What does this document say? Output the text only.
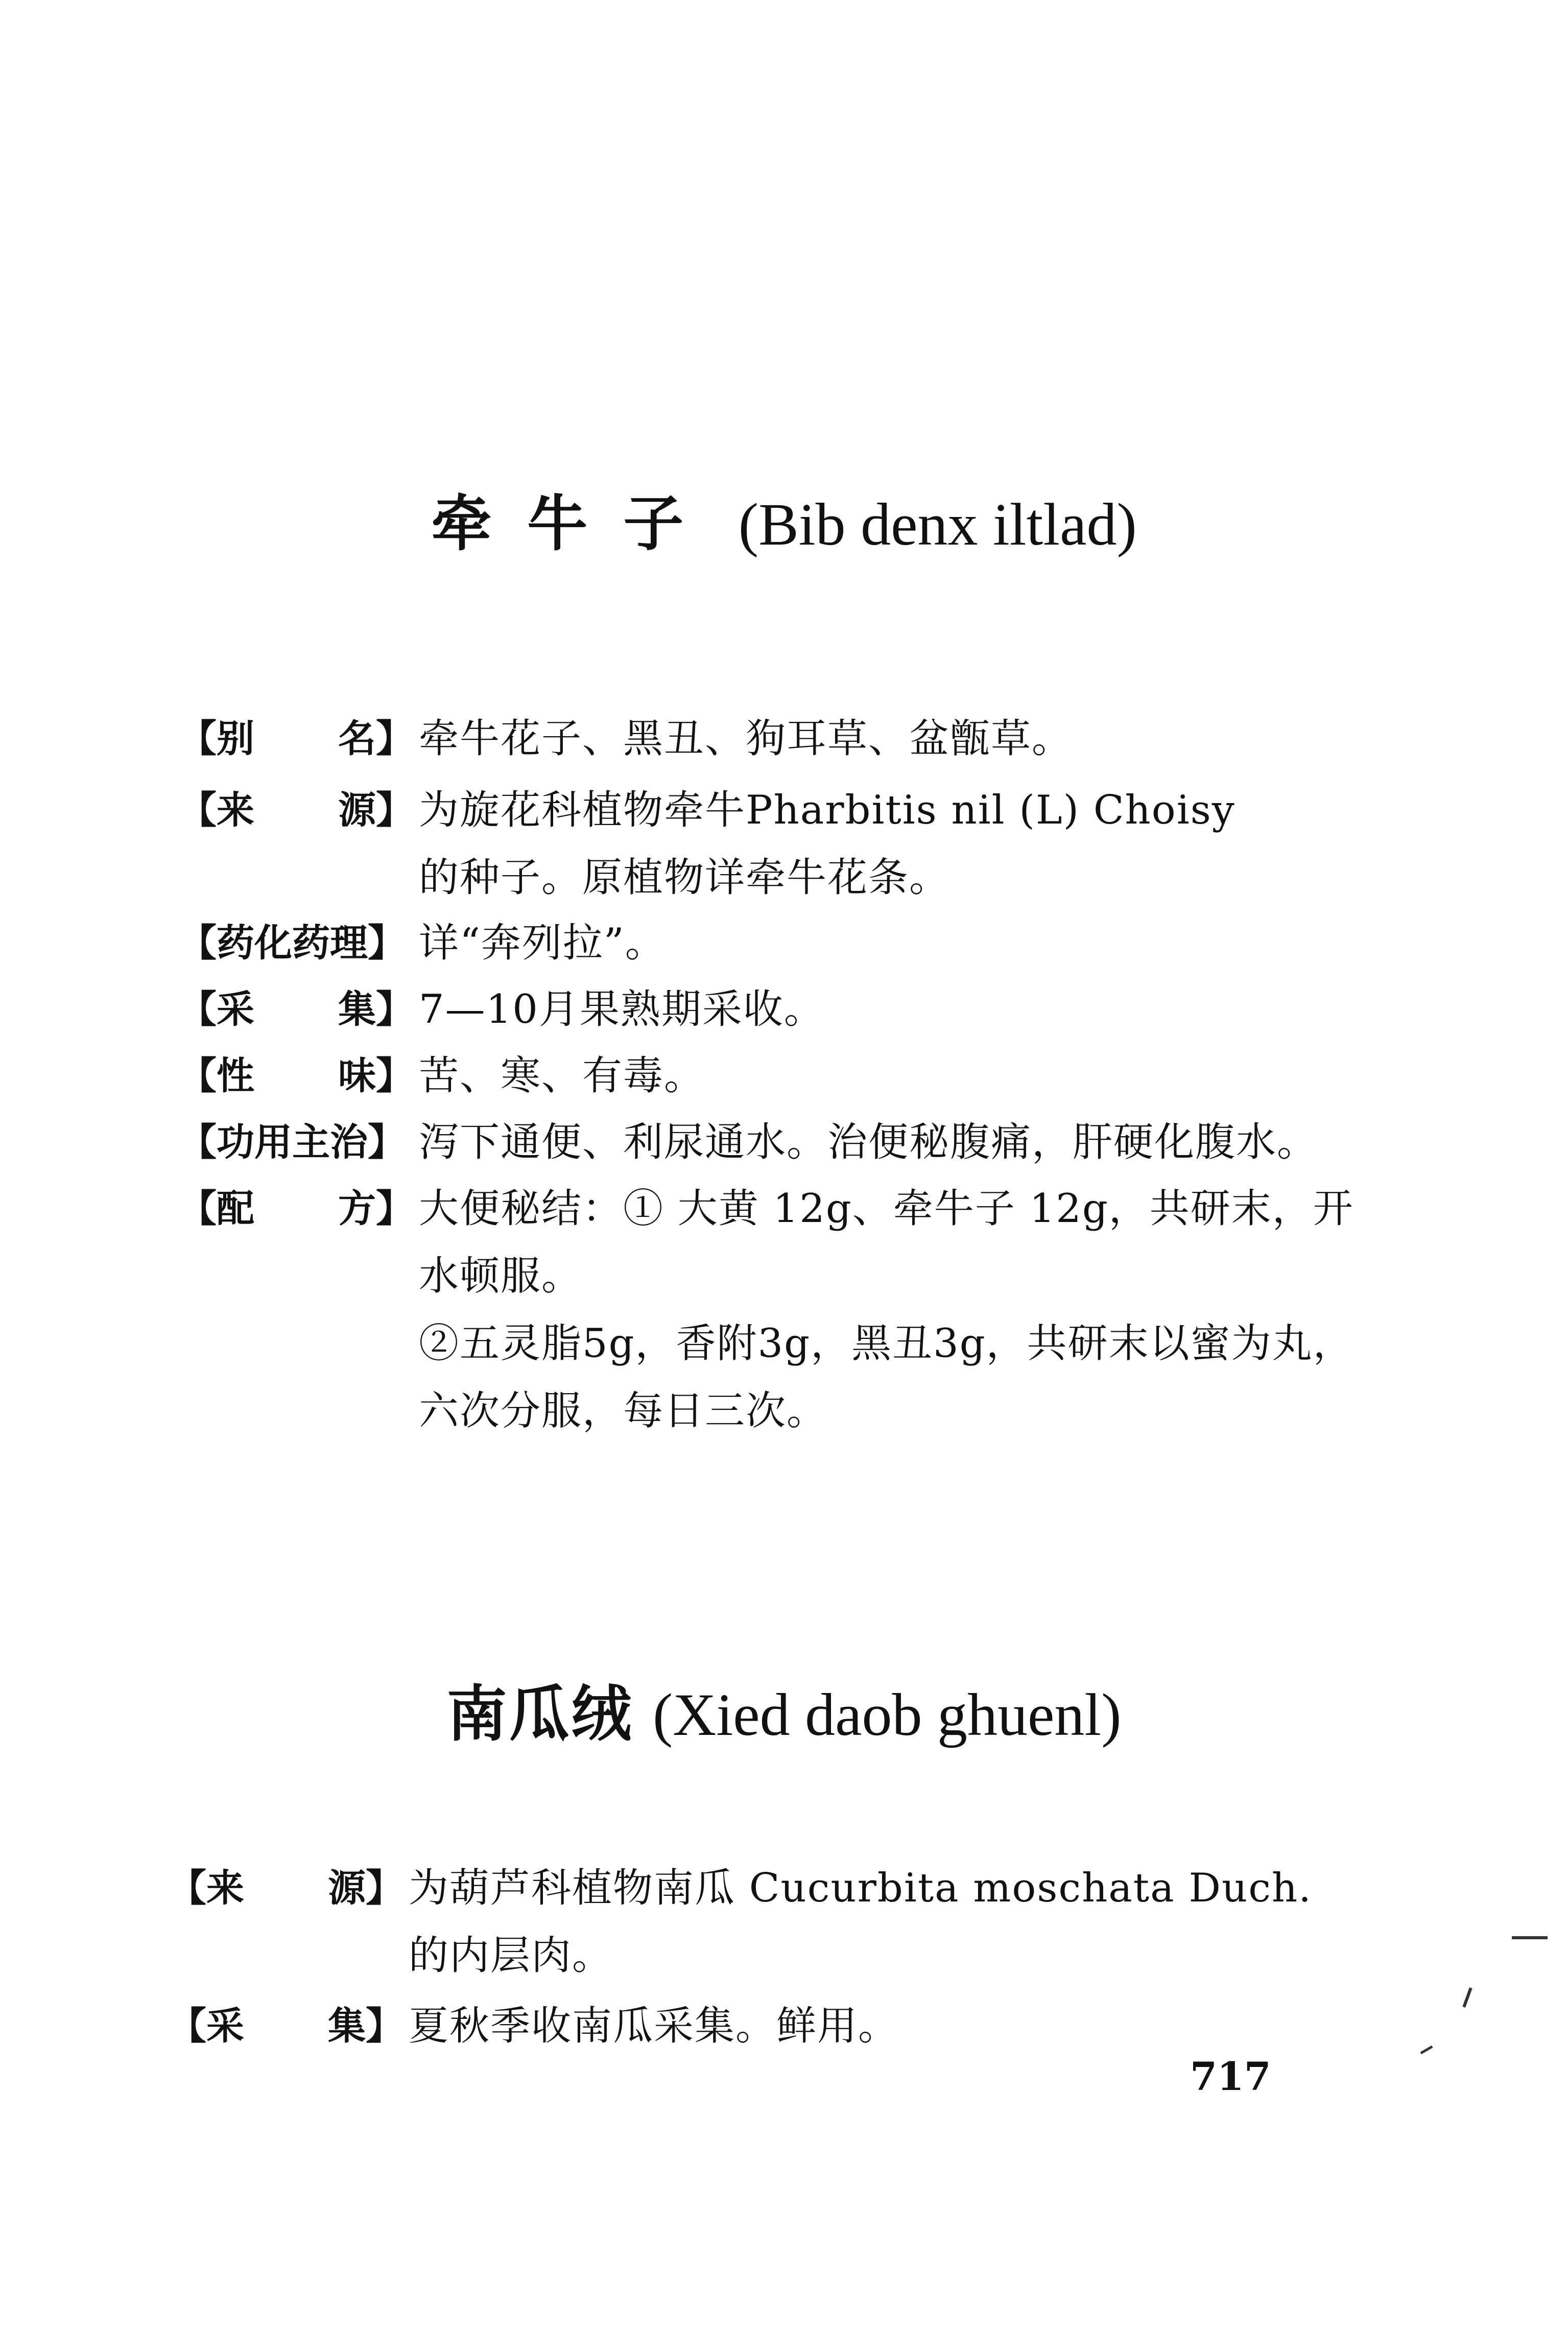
牵牛子 (Bib denx iltlad)
【别 名】 牵牛花子、黑丑、狗耳草、盆甑草。

【来 源】 为旋花科植物牵牛Pharbitis nil (L) Choisy

的种子。原植物详牵牛花条。

【药化药理】 详“奔列拉”。

【采 集】 7—10月果熟期采收。

【性 味】 苦、寒、有毒。

【功用主治】 泻下通便、利尿通水。治便秘腹痛，肝硬化腹水。

【配 方】 大便秘结：① 大黄 12g、牵牛子 12g，共研末，开

水顿服。

②五灵脂5g，香附3g，黑丑3g，共研末以蜜为丸，

六次分服，每日三次。

南瓜绒 (Xied daob ghuenl)
【来 源】 为葫芦科植物南瓜 Cucurbita moschata Duch.

的内层肉。

【采 集】 夏秋季收南瓜采集。鲜用。

717
